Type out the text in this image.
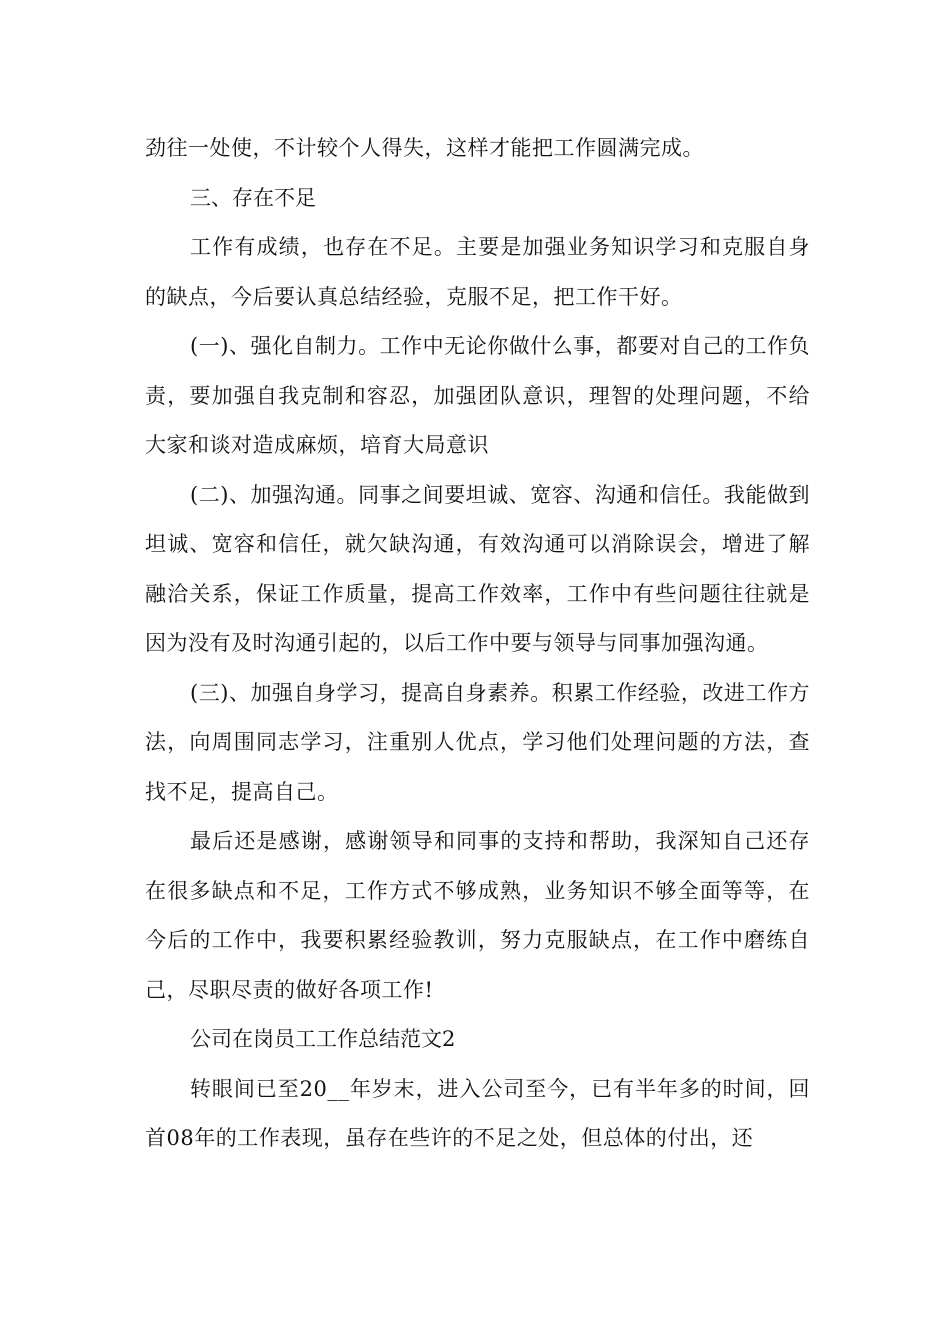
劲往一处使，不计较个人得失，这样才能把工作圆满完成。

三、存在不足

工作有成绩，也存在不足。主要是加强业务知识学习和克服自身的缺点，今后要认真总结经验，克服不足，把工作干好。

(一)、强化自制力。工作中无论你做什么事，都要对自己的工作负责，要加强自我克制和容忍，加强团队意识，理智的处理问题，不给大家和谈对造成麻烦，培育大局意识

(二)、加强沟通。同事之间要坦诚、宽容、沟通和信任。我能做到坦诚、宽容和信任，就欠缺沟通，有效沟通可以消除误会，增进了解融洽关系，保证工作质量，提高工作效率，工作中有些问题往往就是因为没有及时沟通引起的，以后工作中要与领导与同事加强沟通。

(三)、加强自身学习，提高自身素养。积累工作经验，改进工作方法，向周围同志学习，注重别人优点，学习他们处理问题的方法，查找不足，提高自己。

最后还是感谢，感谢领导和同事的支持和帮助，我深知自己还存在很多缺点和不足，工作方式不够成熟，业务知识不够全面等等，在今后的工作中，我要积累经验教训，努力克服缺点，在工作中磨练自己，尽职尽责的做好各项工作!

公司在岗员工工作总结范文2

转眼间已至20__年岁末，进入公司至今，已有半年多的时间，回首08年的工作表现，虽存在些许的不足之处，但总体的付出，还
